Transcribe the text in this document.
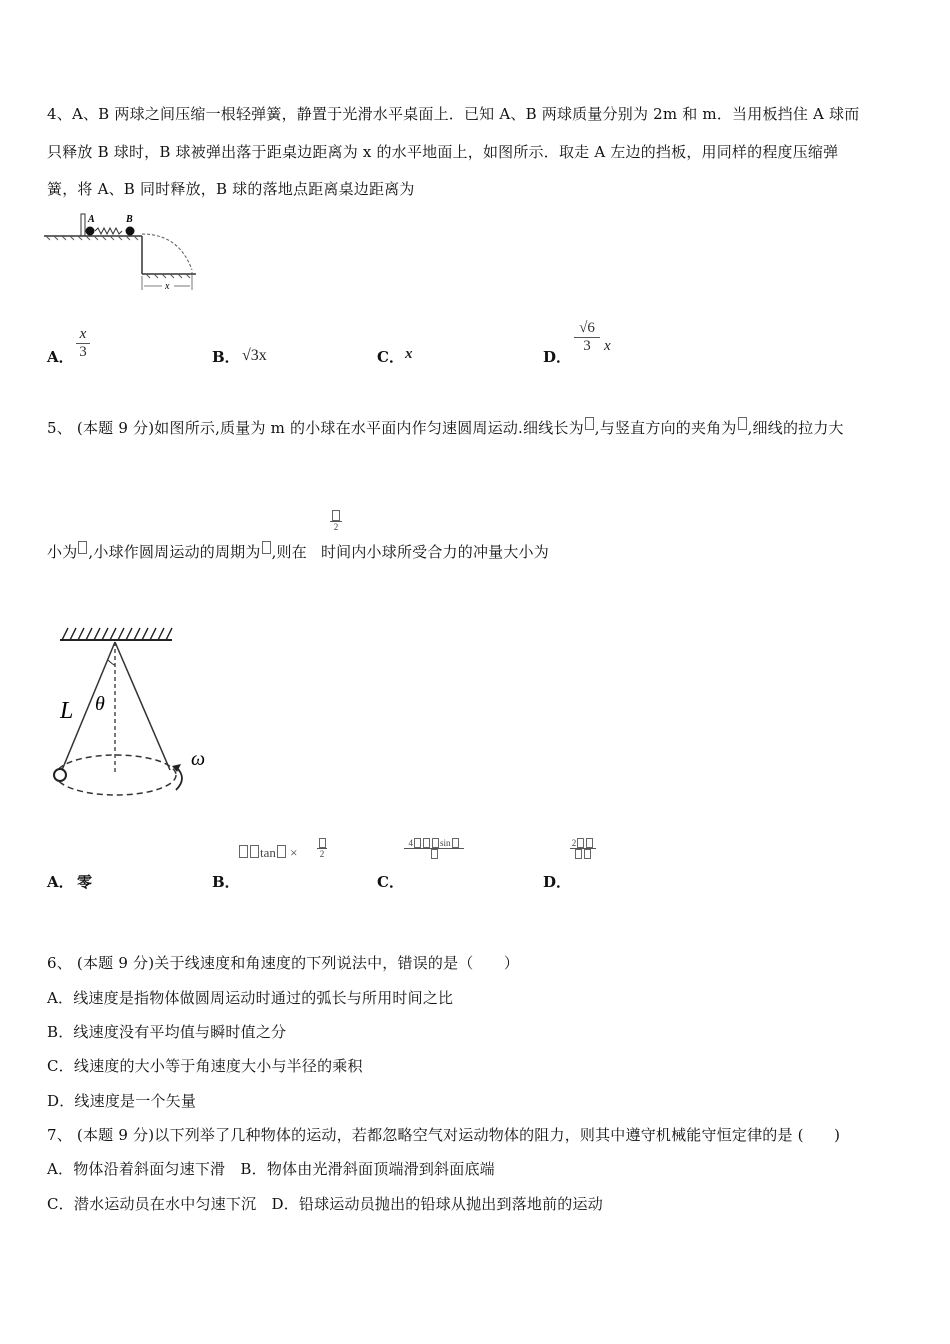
4、A、B 两球之间压缩一根轻弹簧，静置于光滑水平桌面上．已知 A、B 两球质量分别为 2m 和 m．当用板挡住 A 球而
只释放 B 球时，B 球被弹出落于距桌边距离为 x 的水平地面上，如图所示．取走 A 左边的挡板，用同样的程度压缩弹
簧，将 A、B 同时释放，B 球的落地点距离桌边距离为
A	B
x
A．
x
3	B． √3x	C． x	D．
√6
3 x
5、 (本题 9 分)如图所示,质量为 m 的小球在水平面内作匀速圆周运动.细线长为 ,与竖直方向的夹角为 ,细线的拉力大
小为 ,小球作圆周运动的周期为 ,则在 时间内小球所受合力的冲量大小为
2
L θ
ω
A． 零	B．
tan × 2
C．
4	sin
D．
2
6、 (本题 9 分)关于线速度和角速度的下列说法中，错误的是（　　）
A．线速度是指物体做圆周运动时通过的弧长与所用时间之比
B．线速度没有平均值与瞬时值之分
C．线速度的大小等于角速度大小与半径的乘积
D．线速度是一个矢量
7、 (本题 9 分)以下列举了几种物体的运动，若都忽略空气对运动物体的阻力，则其中遵守机械能守恒定律的是 (　　)
A．物体沿着斜面匀速下滑　B．物体由光滑斜面顶端滑到斜面底端
C．潜水运动员在水中匀速下沉　D．铅球运动员抛出的铅球从抛出到落地前的运动
